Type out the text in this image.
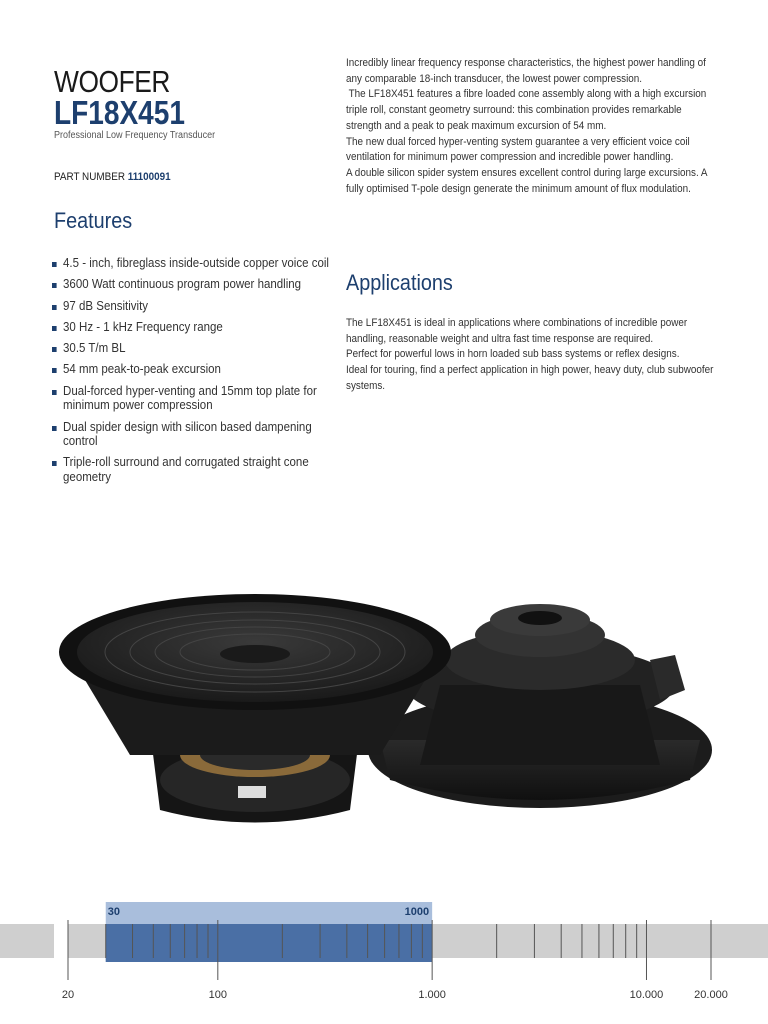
WOOFER
LF18X451
Professional Low Frequency Transducer
PART NUMBER 11100091
Incredibly linear frequency response characteristics, the highest power handling of
any comparable 18-inch transducer, the lowest power compression.
The LF18X451 features a fibre loaded cone assembly along with a high excursion
triple roll, constant geometry surround: this combination provides remarkable
strength and a peak to peak maximum excursion of 54 mm.
The new dual forced hyper-venting system guarantee a very efficient voice coil
ventilation for minimum power compression and incredible power handling.
A double silicon spider system ensures excellent control during large excursions. A
fully optimised T-pole design generate the minimum amount of flux modulation.
Features
4.5 - inch, fibreglass inside-outside copper voice coil
3600 Watt continuous program power handling
97 dB Sensitivity
30 Hz - 1 kHz Frequency range
30.5 T/m BL
54 mm peak-to-peak excursion
Dual-forced hyper-venting and 15mm top plate for minimum power compression
Dual spider design with silicon based dampening control
Triple-roll surround and corrugated straight cone geometry
Applications
The LF18X451 is ideal in applications where combinations of incredible power
handling, reasonable weight and ultra fast time response are required.
Perfect for powerful lows in horn loaded sub bass systems or reflex designs.
Ideal for touring, find a perfect application in high power, heavy duty, club subwoofer
systems.
30	1000
20	100	1.000	10.000	20.000
